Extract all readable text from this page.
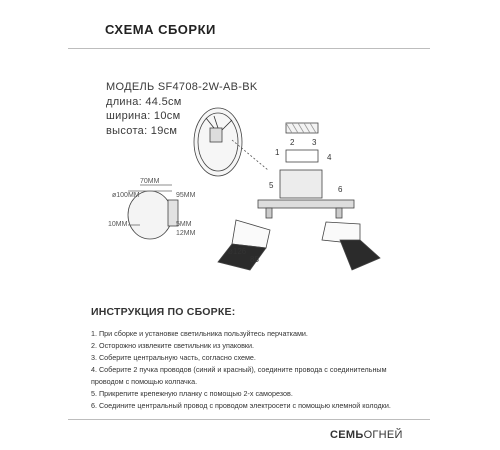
СХЕМА СБОРКИ
МОДЕЛЬ SF4708-2W-AB-BK
длина: 44.5см
ширина: 10см
высота: 19см
70MM
ø100MM	95MM
10MM	5MM
12MM
1
2 3
4
5	6
ø126
85
ИНСТРУКЦИЯ ПО СБОРКЕ:
1. При сборке и установке светильника пользуйтесь перчатками.
2. Осторожно извлеките светильник из упаковки.
3. Соберите центральную часть, согласно схеме.
4. Соберите 2 пучка проводов (синий и красный), соедините провода с соединительным
проводом с помощью колпачка.
5. Прикрепите крепежную планку с помощью 2-х саморезов.
6. Соедините центральный провод с проводом электросети с помощью клемной колодки.
СЕМЬОГНЕЙ
